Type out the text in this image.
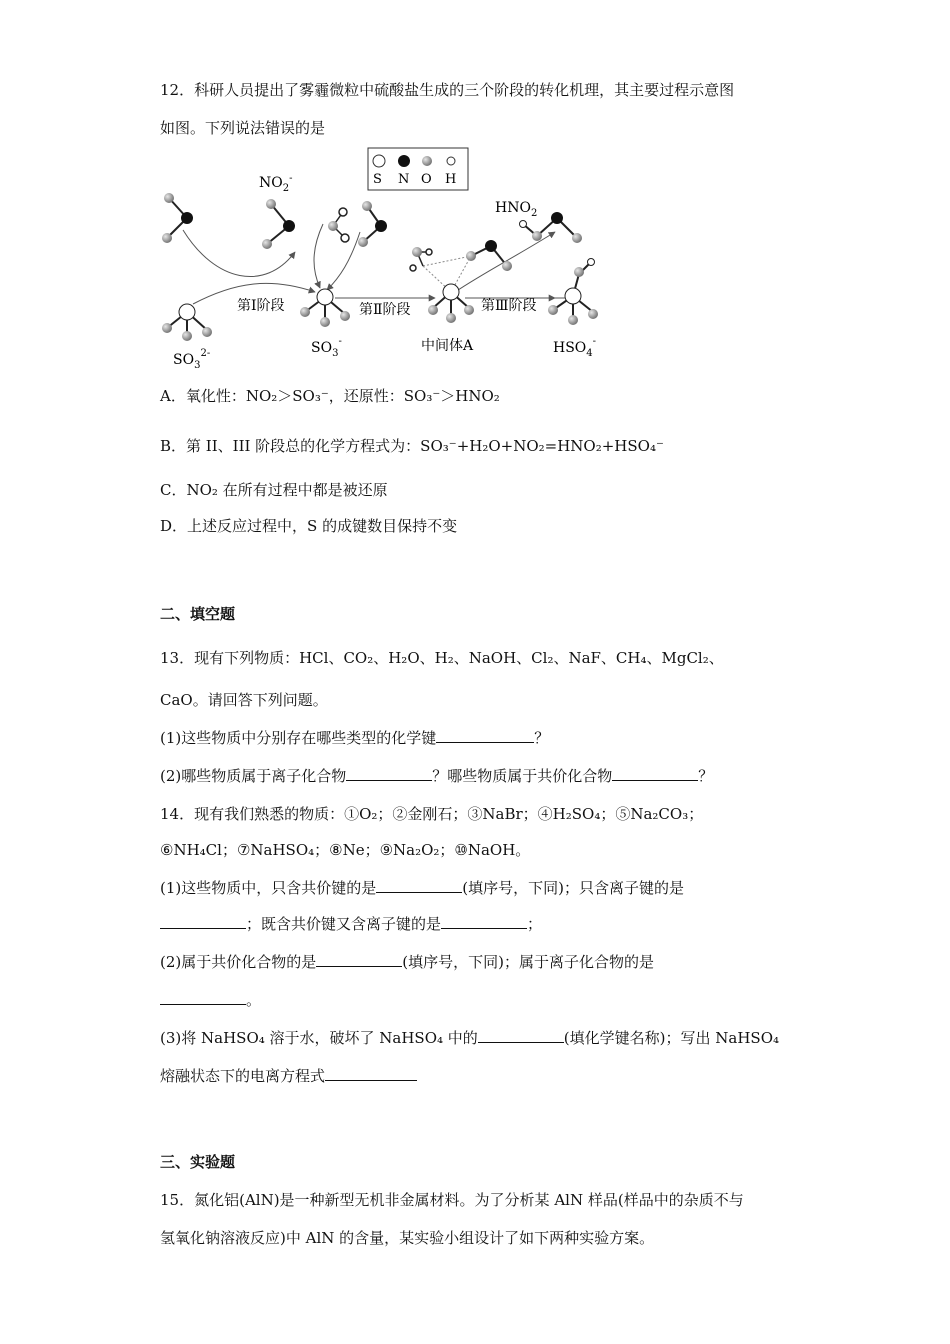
12．科研人员提出了雾霾微粒中硫酸盐生成的三个阶段的转化机理，其主要过程示意图
如图。下列说法错误的是
S N O H
$NO_2^-$
$SO_3^{2-}$
第Ⅰ阶段
$SO_3^-$
第Ⅱ阶段
中间体A
$HNO_2$
第Ⅲ阶段
$HSO_4^-$
A．氧化性：NO₂＞SO₃⁻，还原性：SO₃⁻＞HNO₂
B．第 II、III 阶段总的化学方程式为：SO₃⁻+H₂O+NO₂=HNO₂+HSO₄⁻
C．NO₂ 在所有过程中都是被还原
D．上述反应过程中，S 的成键数目保持不变
二、填空题
13．现有下列物质：HCl、CO₂、H₂O、H₂、NaOH、Cl₂、NaF、CH₄、MgCl₂、
CaO。请回答下列问题。
(1)这些物质中分别存在哪些类型的化学键	？
(2)哪些物质属于离子化合物	？哪些物质属于共价化合物	？
14．现有我们熟悉的物质：①O₂；②金刚石；③NaBr；④H₂SO₄；⑤Na₂CO₃；
⑥NH₄Cl；⑦NaHSO₄；⑧Ne；⑨Na₂O₂；⑩NaOH。
(1)这些物质中，只含共价键的是	(填序号，下同)；只含离子键的是
；既含共价键又含离子键的是	；
(2)属于共价化合物的是	(填序号，下同)；属于离子化合物的是
。
(3)将 NaHSO₄ 溶于水，破坏了 NaHSO₄ 中的	(填化学键名称)；写出 NaHSO₄
熔融状态下的电离方程式
三、实验题
15．氮化铝(AlN)是一种新型无机非金属材料。为了分析某 AlN 样品(样品中的杂质不与
氢氧化钠溶液反应)中 AlN 的含量，某实验小组设计了如下两种实验方案。
